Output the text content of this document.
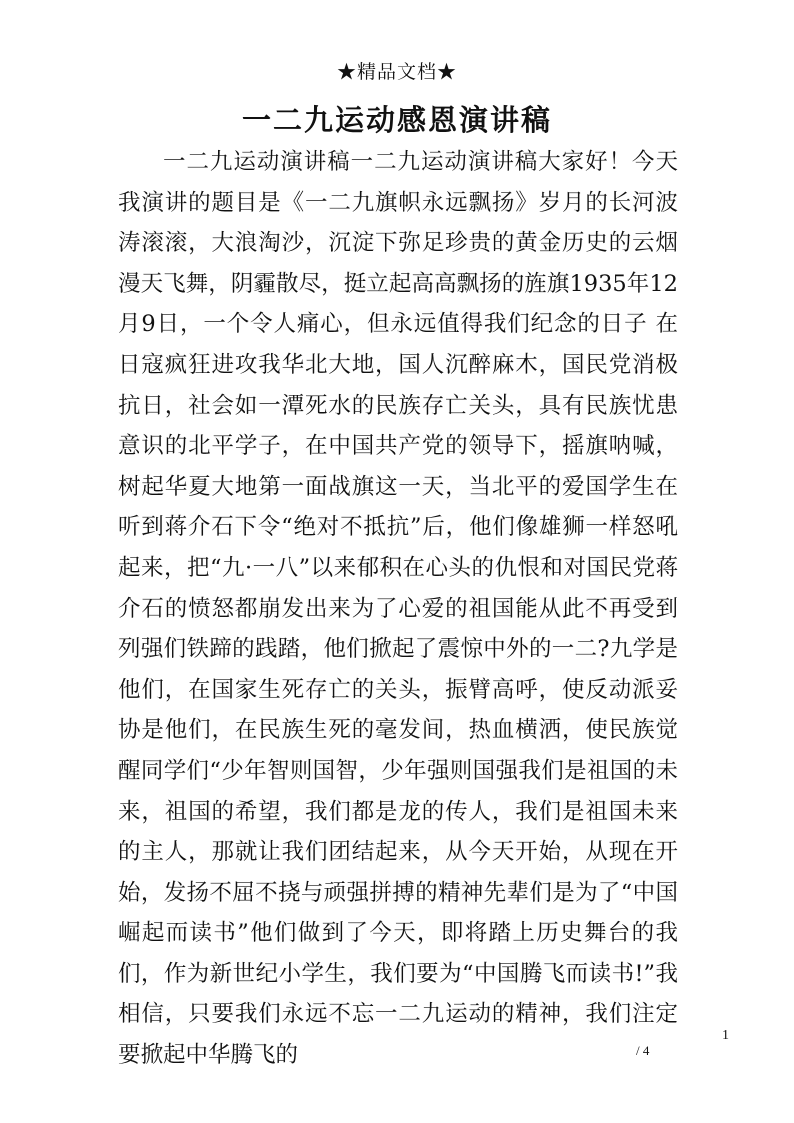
★精品文档★
一二九运动感恩演讲稿

一二九运动演讲稿一二九运动演讲稿大家好！今天我演讲的题目是《一二九旗帜永远飘扬》岁月的长河波涛滚滚，大浪淘沙，沉淀下弥足珍贵的黄金历史的云烟漫天飞舞，阴霾散尽，挺立起高高飘扬的旌旗1935年12月9日，一个令人痛心，但永远值得我们纪念的日子 在日寇疯狂进攻我华北大地，国人沉醉麻木，国民党消极抗日，社会如一潭死水的民族存亡关头，具有民族忧患意识的北平学子，在中国共产党的领导下，摇旗呐喊，树起华夏大地第一面战旗这一天，当北平的爱国学生在听到蒋介石下令“绝对不抵抗”后，他们像雄狮一样怒吼起来，把“九·一八”以来郁积在心头的仇恨和对国民党蒋介石的愤怒都崩发出来为了心爱的祖国能从此不再受到列强们铁蹄的践踏，他们掀起了震惊中外的一二?九学是他们，在国家生死存亡的关头，振臂高呼，使反动派妥协是他们，在民族生死的毫发间，热血横洒，使民族觉醒同学们“少年智则国智，少年强则国强我们是祖国的未来，祖国的希望，我们都是龙的传人，我们是祖国未来的主人，那就让我们团结起来，从今天开始，从现在开始，发扬不屈不挠与顽强拼搏的精神先辈们是为了“中国崛起而读书”他们做到了今天，即将踏上历史舞台的我们，作为新世纪小学生，我们要为“中国腾飞而读书!”我相信，只要我们永远不忘一二九运动的精神，我们注定要掀起中华腾飞的

1
/ 4
